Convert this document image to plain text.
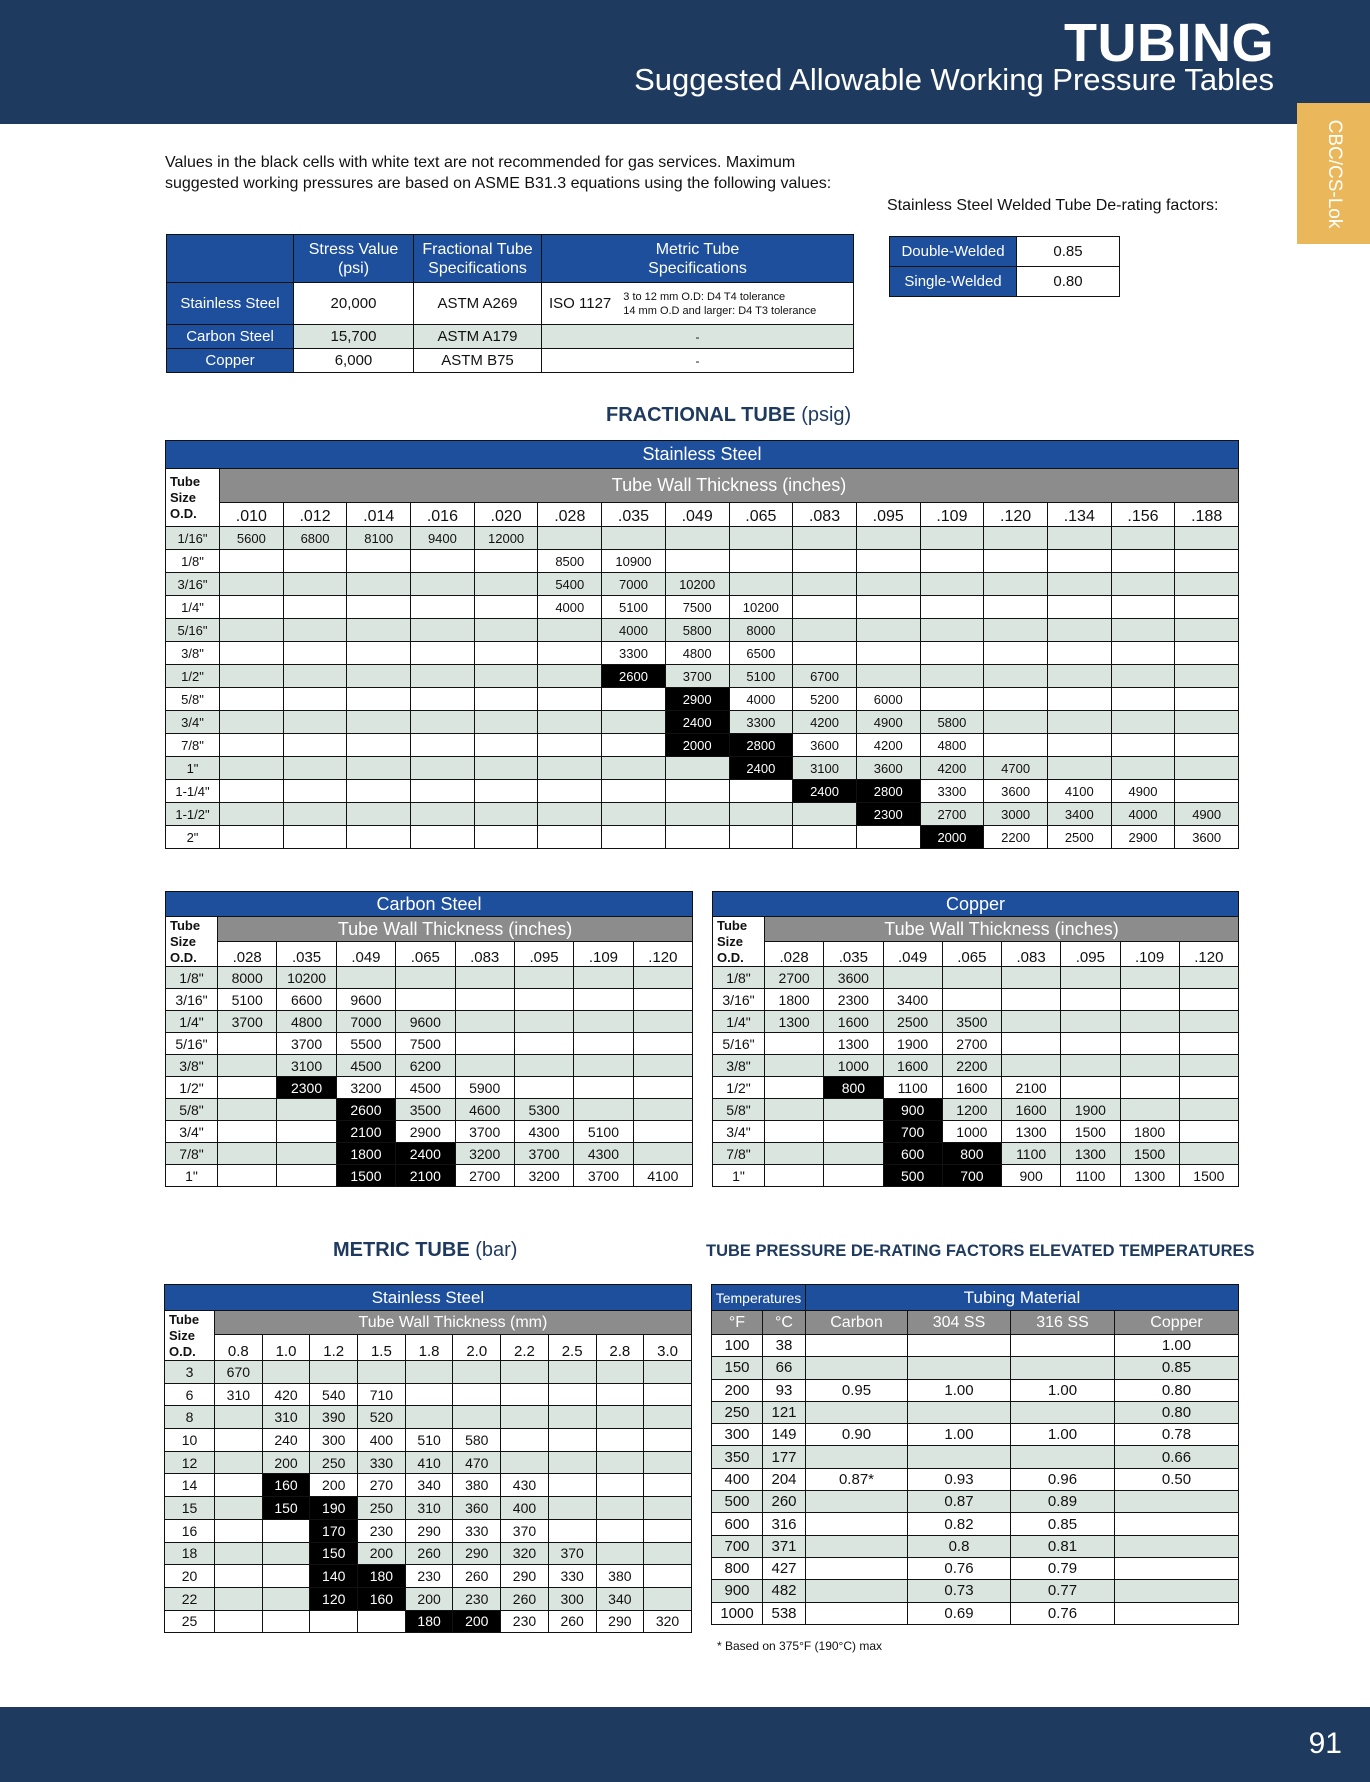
TUBING
Suggested Allowable Working Pressure Tables
CBC/CS-Lok
Values in the black cells with white text are not recommended for gas services. Maximum suggested working pressures are based on ASME B31.3 equations using the following values:
Stainless Steel Welded Tube De-rating factors:
	Stress Value (psi)	Fractional Tube Specifications	Metric Tube Specifications
Stainless Steel	20,000	ASTM A269	ISO 1127 3 to 12 mm O.D: D4 T4 tolerance
14 mm O.D and larger: D4 T3 tolerance
Carbon Steel	15,700	ASTM A179	-
Copper	6,000	ASTM B75	-
Double-Welded	0.85
Single-Welded	0.80
FRACTIONAL TUBE (psig)
METRIC TUBE (bar)	TUBE PRESSURE DE-RATING FACTORS ELEVATED TEMPERATURES
Stainless Steel																
Tube Size O.D.	Tube Wall Thickness (inches)															
	.010	.012	.014	.016	.020	.028	.035	.049	.065	.083	.095	.109	.120	.134	.156	.188
1/16"	5600	6800	8100	9400	12000											
1/8"						8500	10900									
3/16"						5400	7000	10200								
1/4"						4000	5100	7500	10200							
5/16"							4000	5800	8000							
3/8"							3300	4800	6500							
1/2"							2600	3700	5100	6700						
5/8"								2900	4000	5200	6000					
3/4"								2400	3300	4200	4900	5800				
7/8"								2000	2800	3600	4200	4800				
1"									2400	3100	3600	4200	4700			
1-1/4"										2400	2800	3300	3600	4100	4900	
1-1/2"											2300	2700	3000	3400	4000	4900
2"												2000	2200	2500	2900	3600
Carbon Steel								
Tube Size O.D.	Tube Wall Thickness (inches)							
	.028	.035	.049	.065	.083	.095	.109	.120
1/8"	8000	10200						
3/16"	5100	6600	9600					
1/4"	3700	4800	7000	9600				
5/16"		3700	5500	7500				
3/8"		3100	4500	6200				
1/2"		2300	3200	4500	5900			
5/8"			2600	3500	4600	5300		
3/4"			2100	2900	3700	4300	5100	
7/8"			1800	2400	3200	3700	4300	
1"			1500	2100	2700	3200	3700	4100
Copper								
Tube Size O.D.	Tube Wall Thickness (inches)							
	.028	.035	.049	.065	.083	.095	.109	.120
1/8"	2700	3600						
3/16"	1800	2300	3400					
1/4"	1300	1600	2500	3500				
5/16"		1300	1900	2700				
3/8"		1000	1600	2200				
1/2"		800	1100	1600	2100			
5/8"			900	1200	1600	1900		
3/4"			700	1000	1300	1500	1800	
7/8"			600	800	1100	1300	1500	
1"			500	700	900	1100	1300	1500
Stainless Steel										
Tube Size O.D.	Tube Wall Thickness (mm)									
	0.8	1.0	1.2	1.5	1.8	2.0	2.2	2.5	2.8	3.0
3	670									
6	310	420	540	710						
8		310	390	520						
10		240	300	400	510	580				
12		200	250	330	410	470				
14		160	200	270	340	380	430			
15		150	190	250	310	360	400			
16			170	230	290	330	370			
18			150	200	260	290	320	370		
20			140	180	230	260	290	330	380	
22			120	160	200	230	260	300	340	
25					180	200	230	260	290	320
Temperatures		Tubing Material			
°F	°C	Carbon	304 SS	316 SS	Copper
100	38				1.00
150	66				0.85
200	93	0.95	1.00	1.00	0.80
250	121				0.80
300	149	0.90	1.00	1.00	0.78
350	177				0.66
400	204	0.87*	0.93	0.96	0.50
500	260		0.87	0.89	
600	316		0.82	0.85	
700	371		0.8	0.81	
800	427		0.76	0.79	
900	482		0.73	0.77	
1000	538		0.69	0.76	
* Based on 375°F (190°C) max
91
